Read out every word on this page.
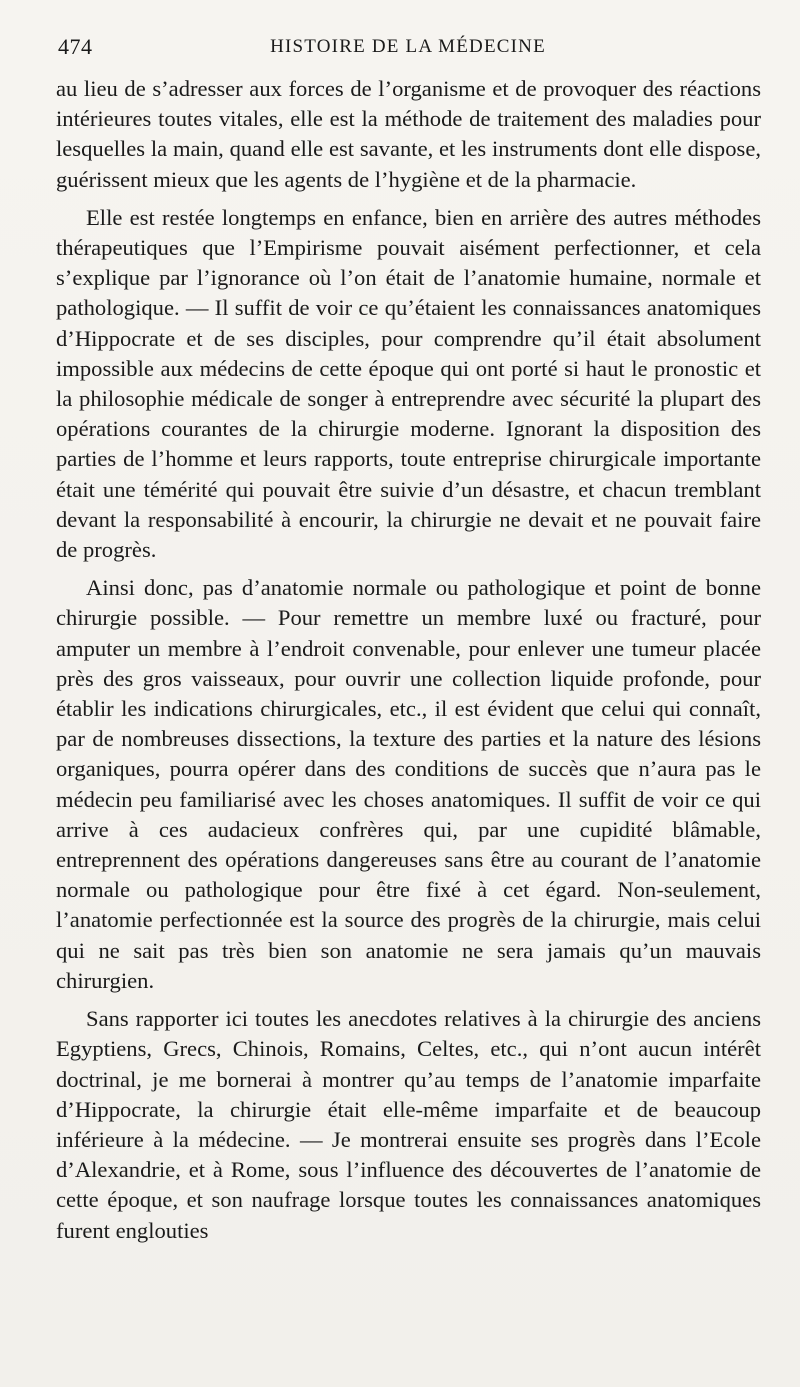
474	HISTOIRE DE LA MÉDECINE

au lieu de s’adresser aux forces de l’organisme et de provoquer des réactions intérieures toutes vitales, elle est la méthode de traitement des maladies pour lesquelles la main, quand elle est savante, et les instruments dont elle dispose, guérissent mieux que les agents de l’hygiène et de la pharmacie.

Elle est restée longtemps en enfance, bien en arrière des autres méthodes thérapeutiques que l’Empirisme pouvait aisément perfectionner, et cela s’explique par l’ignorance où l’on était de l’anatomie humaine, normale et pathologique. — Il suffit de voir ce qu’étaient les connaissances anatomiques d’Hippocrate et de ses disciples, pour comprendre qu’il était absolument impossible aux médecins de cette époque qui ont porté si haut le pronostic et la philosophie médicale de songer à entreprendre avec sécurité la plupart des opérations courantes de la chirurgie moderne. Ignorant la disposition des parties de l’homme et leurs rapports, toute entreprise chirurgicale importante était une témérité qui pouvait être suivie d’un désastre, et chacun tremblant devant la responsabilité à encourir, la chirurgie ne devait et ne pouvait faire de progrès.

Ainsi donc, pas d’anatomie normale ou pathologique et point de bonne chirurgie possible. — Pour remettre un membre luxé ou fracturé, pour amputer un membre à l’endroit convenable, pour enlever une tumeur placée près des gros vaisseaux, pour ouvrir une collection liquide profonde, pour établir les indications chirurgicales, etc., il est évident que celui qui connaît, par de nombreuses dissections, la texture des parties et la nature des lésions organiques, pourra opérer dans des conditions de succès que n’aura pas le médecin peu familiarisé avec les choses anatomiques. Il suffit de voir ce qui arrive à ces audacieux confrères qui, par une cupidité blâmable, entreprennent des opérations dangereuses sans être au courant de l’anatomie normale ou pathologique pour être fixé à cet égard. Non-seulement, l’anatomie perfectionnée est la source des progrès de la chirurgie, mais celui qui ne sait pas très bien son anatomie ne sera jamais qu’un mauvais chirurgien.

Sans rapporter ici toutes les anecdotes relatives à la chirurgie des anciens Egyptiens, Grecs, Chinois, Romains, Celtes, etc., qui n’ont aucun intérêt doctrinal, je me bornerai à montrer qu’au temps de l’anatomie imparfaite d’Hippocrate, la chirurgie était elle-même imparfaite et de beaucoup inférieure à la médecine. — Je montrerai ensuite ses progrès dans l’Ecole d’Alexandrie, et à Rome, sous l’influence des découvertes de l’anatomie de cette époque, et son naufrage lorsque toutes les connaissances anatomiques furent englouties
